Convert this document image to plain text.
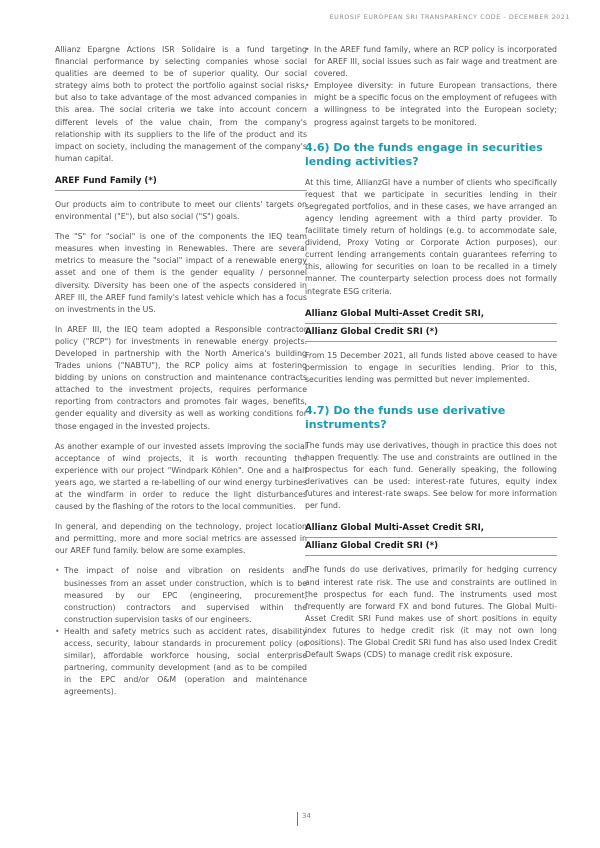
EUROSIF EUROPEAN SRI TRANSPARENCY CODE - DECEMBER 2021

Allianz Epargne Actions ISR Solidaire is a fund targeting financial performance by selecting companies whose social qualities are deemed to be of superior quality. Our social strategy aims both to protect the portfolio against social risks, but also to take advantage of the most advanced companies in this area. The social criteria we take into account concern different levels of the value chain, from the company's relationship with its suppliers to the life of the product and its impact on society, including the management of the company's human capital.

AREF Fund Family (*)

Our products aim to contribute to meet our clients' targets on environmental ("E"), but also social ("S") goals.

The "S" for "social" is one of the components the IEQ team measures when investing in Renewables. There are several metrics to measure the "social" impact of a renewable energy asset and one of them is the gender equality / personnel diversity. Diversity has been one of the aspects considered in AREF III, the AREF fund family's latest vehicle which has a focus on investments in the US.

In AREF III, the IEQ team adopted a Responsible contractor policy ("RCP") for investments in renewable energy projects. Developed in partnership with the North America's building Trades unions ("NABTU"), the RCP policy aims at fostering bidding by unions on construction and maintenance contracts attached to the investment projects, requires performance reporting from contractors and promotes fair wages, benefits, gender equality and diversity as well as working conditions for those engaged in the invested projects.

As another example of our invested assets improving the social acceptance of wind projects, it is worth recounting the experience with our project "Windpark Köhlen". One and a half years ago, we started a re-labelling of our wind energy turbines at the windfarm in order to reduce the light disturbances caused by the flashing of the rotors to the local communities.

In general, and depending on the technology, project location and permitting, more and more social metrics are assessed in our AREF fund family. below are some examples.

• The impact of noise and vibration on residents and businesses from an asset under construction, which is to be measured by our EPC (engineering, procurement, construction) contractors and supervised within the construction supervision tasks of our engineers.
• Health and safety metrics such as accident rates, disability access, security, labour standards in procurement policy (or similar), affordable workforce housing, social enterprise partnering, community development (and as to be compiled in the EPC and/or O&M (operation and maintenance agreements).
• In the AREF fund family, where an RCP policy is incorporated for AREF III, social issues such as fair wage and treatment are covered.
• Employee diversity: in future European transactions, there might be a specific focus on the employment of refugees with a willingness to be integrated into the European society; progress against targets to be monitored.
4.6) Do the funds engage in securities lending activities?

At this time, AllianzGI have a number of clients who specifically request that we participate in securities lending in their segregated portfolios, and in these cases, we have arranged an agency lending agreement with a third party provider. To facilitate timely return of holdings (e.g. to accommodate sale, dividend, Proxy Voting or Corporate Action purposes), our current lending arrangements contain guarantees referring to this, allowing for securities on loan to be recalled in a timely manner. The counterparty selection process does not formally integrate ESG criteria.

Allianz Global Multi-Asset Credit SRI,
Allianz Global Credit SRI (*)

From 15 December 2021, all funds listed above ceased to have permission to engage in securities lending. Prior to this, securities lending was permitted but never implemented.

4.7) Do the funds use derivative instruments?

The funds may use derivatives, though in practice this does not happen frequently. The use and constraints are outlined in the prospectus for each fund. Generally speaking, the following derivatives can be used: interest-rate futures, equity index futures and interest-rate swaps. See below for more information per fund.

Allianz Global Multi-Asset Credit SRI,
Allianz Global Credit SRI (*)

The funds do use derivatives, primarily for hedging currency and interest rate risk. The use and constraints are outlined in the prospectus for each fund. The instruments used most frequently are forward FX and bond futures. The Global Multi-Asset Credit SRI Fund makes use of short positions in equity index futures to hedge credit risk (it may not own long positions). The Global Credit SRI fund has also used Index Credit Default Swaps (CDS) to manage credit risk exposure.

34
